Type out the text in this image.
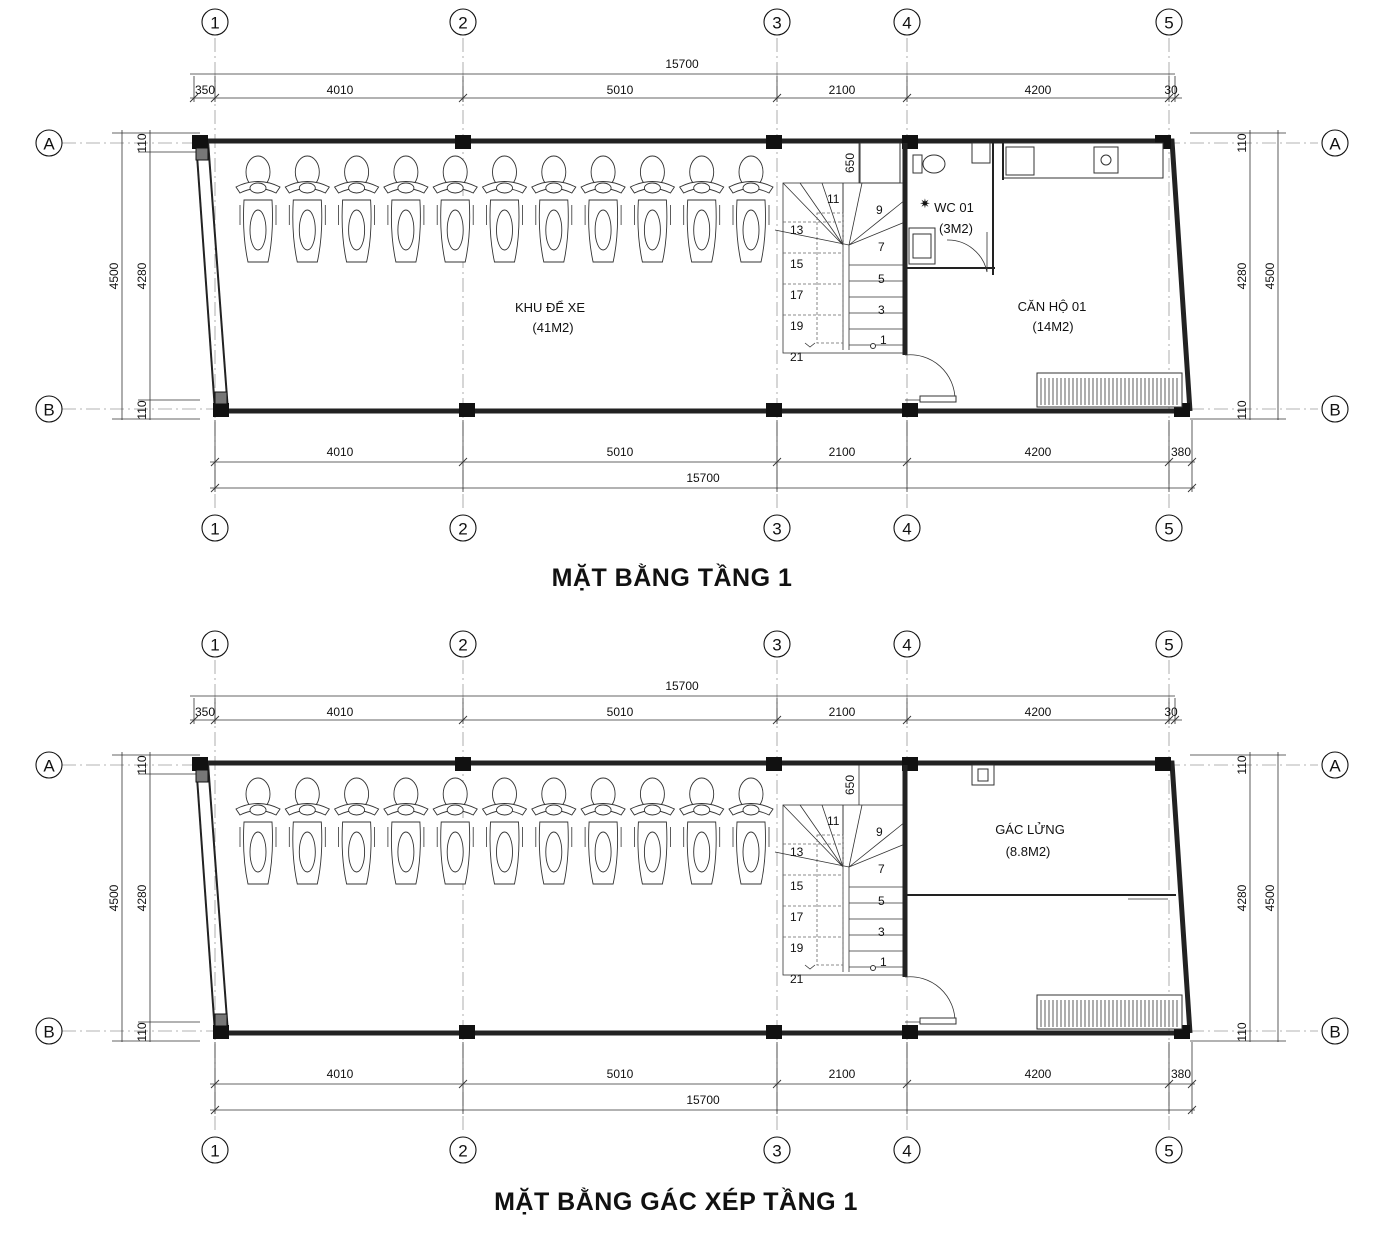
1
1
2
2
3
3
4
4
5
5
A	A
B	B
15700
350	4010	5010	2100	4200	30
4010	5010	2100	4200	380
15700
4500 4280
110
110
4280 4500
110
110
11
9
13
7
15
5
17
3
19
1
21
650
KHU ĐỂ XE
(41M2)
✷ WC 01
(3M2)
CĂN HỘ 01
(14M2)
MẶT BẰNG TẦNG 1
1
1
2
2
3
3
4
4
5
5
A	A
B	B
15700
350	4010	5010	2100	4200	30
4010	5010	2100	4200	380
15700
4500 4280
110
110
4280 4500
110
110
11
9
13
7
15
5
17
3
19
1
21
650
GÁC LỬNG
(8.8M2)
MẶT BẰNG GÁC XÉP TẦNG 1
